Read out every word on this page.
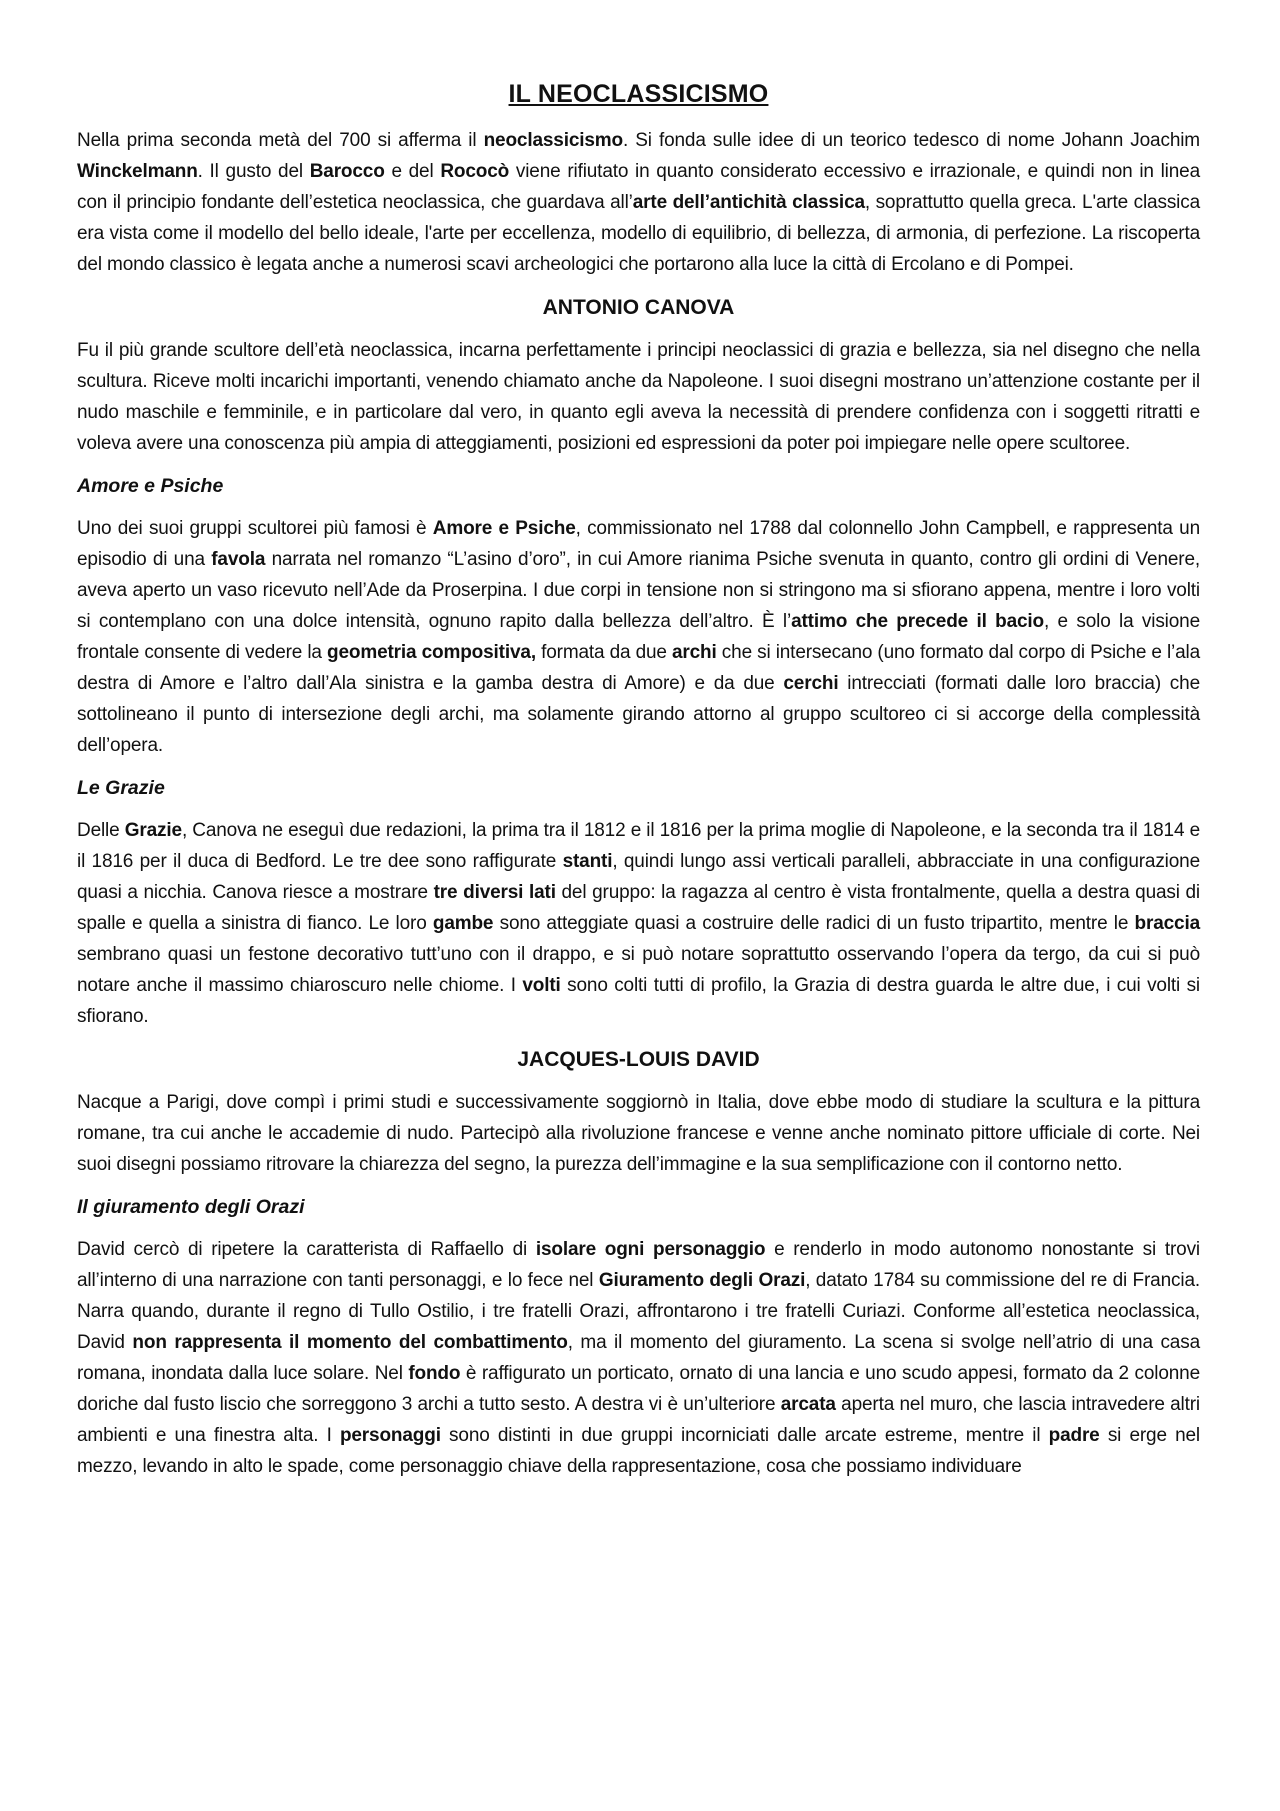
IL NEOCLASSICISMO

Nella prima seconda metà del 700 si afferma il neoclassicismo. Si fonda sulle idee di un teorico tedesco di nome Johann Joachim Winckelmann. Il gusto del Barocco e del Rococò viene rifiutato in quanto considerato eccessivo e irrazionale, e quindi non in linea con il principio fondante dell’estetica neoclassica, che guardava all’arte dell’antichità classica, soprattutto quella greca. L'arte classica era vista come il modello del bello ideale, l'arte per eccellenza, modello di equilibrio, di bellezza, di armonia, di perfezione. La riscoperta del mondo classico è legata anche a numerosi scavi archeologici che portarono alla luce la città di Ercolano e di Pompei.

ANTONIO CANOVA

Fu il più grande scultore dell’età neoclassica, incarna perfettamente i principi neoclassici di grazia e bellezza, sia nel disegno che nella scultura. Riceve molti incarichi importanti, venendo chiamato anche da Napoleone. I suoi disegni mostrano un’attenzione costante per il nudo maschile e femminile, e in particolare dal vero, in quanto egli aveva la necessità di prendere confidenza con i soggetti ritratti e voleva avere una conoscenza più ampia di atteggiamenti, posizioni ed espressioni da poter poi impiegare nelle opere scultoree.

Amore e Psiche

Uno dei suoi gruppi scultorei più famosi è Amore e Psiche, commissionato nel 1788 dal colonnello John Campbell, e rappresenta un episodio di una favola narrata nel romanzo “L’asino d’oro”, in cui Amore rianima Psiche svenuta in quanto, contro gli ordini di Venere, aveva aperto un vaso ricevuto nell’Ade da Proserpina. I due corpi in tensione non si stringono ma si sfiorano appena, mentre i loro volti si contemplano con una dolce intensità, ognuno rapito dalla bellezza dell’altro. È l’attimo che precede il bacio, e solo la visione frontale consente di vedere la geometria compositiva, formata da due archi che si intersecano (uno formato dal corpo di Psiche e l’ala destra di Amore e l’altro dall’Ala sinistra e la gamba destra di Amore) e da due cerchi intrecciati (formati dalle loro braccia) che sottolineano il punto di intersezione degli archi, ma solamente girando attorno al gruppo scultoreo ci si accorge della complessità dell’opera.

Le Grazie

Delle Grazie, Canova ne eseguì due redazioni, la prima tra il 1812 e il 1816 per la prima moglie di Napoleone, e la seconda tra il 1814 e il 1816 per il duca di Bedford. Le tre dee sono raffigurate stanti, quindi lungo assi verticali paralleli, abbracciate in una configurazione quasi a nicchia. Canova riesce a mostrare tre diversi lati del gruppo: la ragazza al centro è vista frontalmente, quella a destra quasi di spalle e quella a sinistra di fianco. Le loro gambe sono atteggiate quasi a costruire delle radici di un fusto tripartito, mentre le braccia sembrano quasi un festone decorativo tutt’uno con il drappo, e si può notare soprattutto osservando l’opera da tergo, da cui si può notare anche il massimo chiaroscuro nelle chiome. I volti sono colti tutti di profilo, la Grazia di destra guarda le altre due, i cui volti si sfiorano.

JACQUES-LOUIS DAVID

Nacque a Parigi, dove compì i primi studi e successivamente soggiornò in Italia, dove ebbe modo di studiare la scultura e la pittura romane, tra cui anche le accademie di nudo. Partecipò alla rivoluzione francese e venne anche nominato pittore ufficiale di corte. Nei suoi disegni possiamo ritrovare la chiarezza del segno, la purezza dell’immagine e la sua semplificazione con il contorno netto.

Il giuramento degli Orazi

David cercò di ripetere la caratterista di Raffaello di isolare ogni personaggio e renderlo in modo autonomo nonostante si trovi all’interno di una narrazione con tanti personaggi, e lo fece nel Giuramento degli Orazi, datato 1784 su commissione del re di Francia. Narra quando, durante il regno di Tullo Ostilio, i tre fratelli Orazi, affrontarono i tre fratelli Curiazi. Conforme all’estetica neoclassica, David non rappresenta il momento del combattimento, ma il momento del giuramento. La scena si svolge nell’atrio di una casa romana, inondata dalla luce solare. Nel fondo è raffigurato un porticato, ornato di una lancia e uno scudo appesi, formato da 2 colonne doriche dal fusto liscio che sorreggono 3 archi a tutto sesto. A destra vi è un’ulteriore arcata aperta nel muro, che lascia intravedere altri ambienti e una finestra alta. I personaggi sono distinti in due gruppi incorniciati dalle arcate estreme, mentre il padre si erge nel mezzo, levando in alto le spade, come personaggio chiave della rappresentazione, cosa che possiamo individuare
